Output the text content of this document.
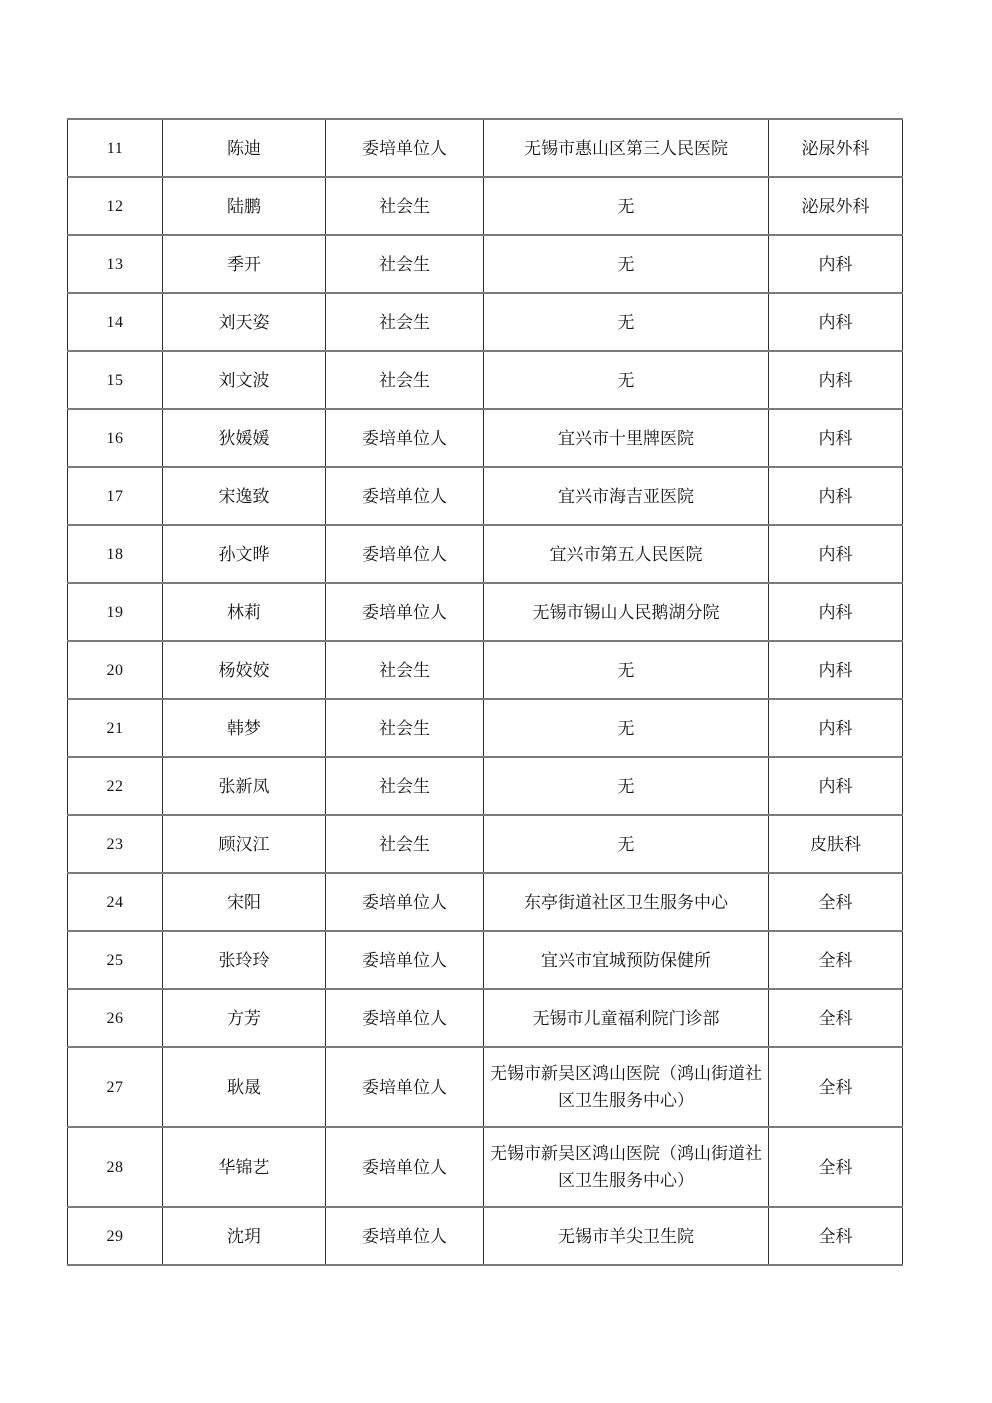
11	陈迪	委培单位人	无锡市惠山区第三人民医院	泌尿外科
12	陆鹏	社会生	无	泌尿外科
13	季开	社会生	无	内科
14	刘天姿	社会生	无	内科
15	刘文波	社会生	无	内科
16	狄媛媛	委培单位人	宜兴市十里牌医院	内科
17	宋逸致	委培单位人	宜兴市海吉亚医院	内科
18	孙文晔	委培单位人	宜兴市第五人民医院	内科
19	林莉	委培单位人	无锡市锡山人民鹅湖分院	内科
20	杨姣姣	社会生	无	内科
21	韩梦	社会生	无	内科
22	张新凤	社会生	无	内科
23	顾汉江	社会生	无	皮肤科
24	宋阳	委培单位人	东亭街道社区卫生服务中心	全科
25	张玲玲	委培单位人	宜兴市宜城预防保健所	全科
26	方芳	委培单位人	无锡市儿童福利院门诊部	全科
27	耿晟	委培单位人	无锡市新吴区鸿山医院（鸿山街道社区卫生服务中心）	全科
28	华锦艺	委培单位人	无锡市新吴区鸿山医院（鸿山街道社区卫生服务中心）	全科
29	沈玥	委培单位人	无锡市羊尖卫生院	全科
